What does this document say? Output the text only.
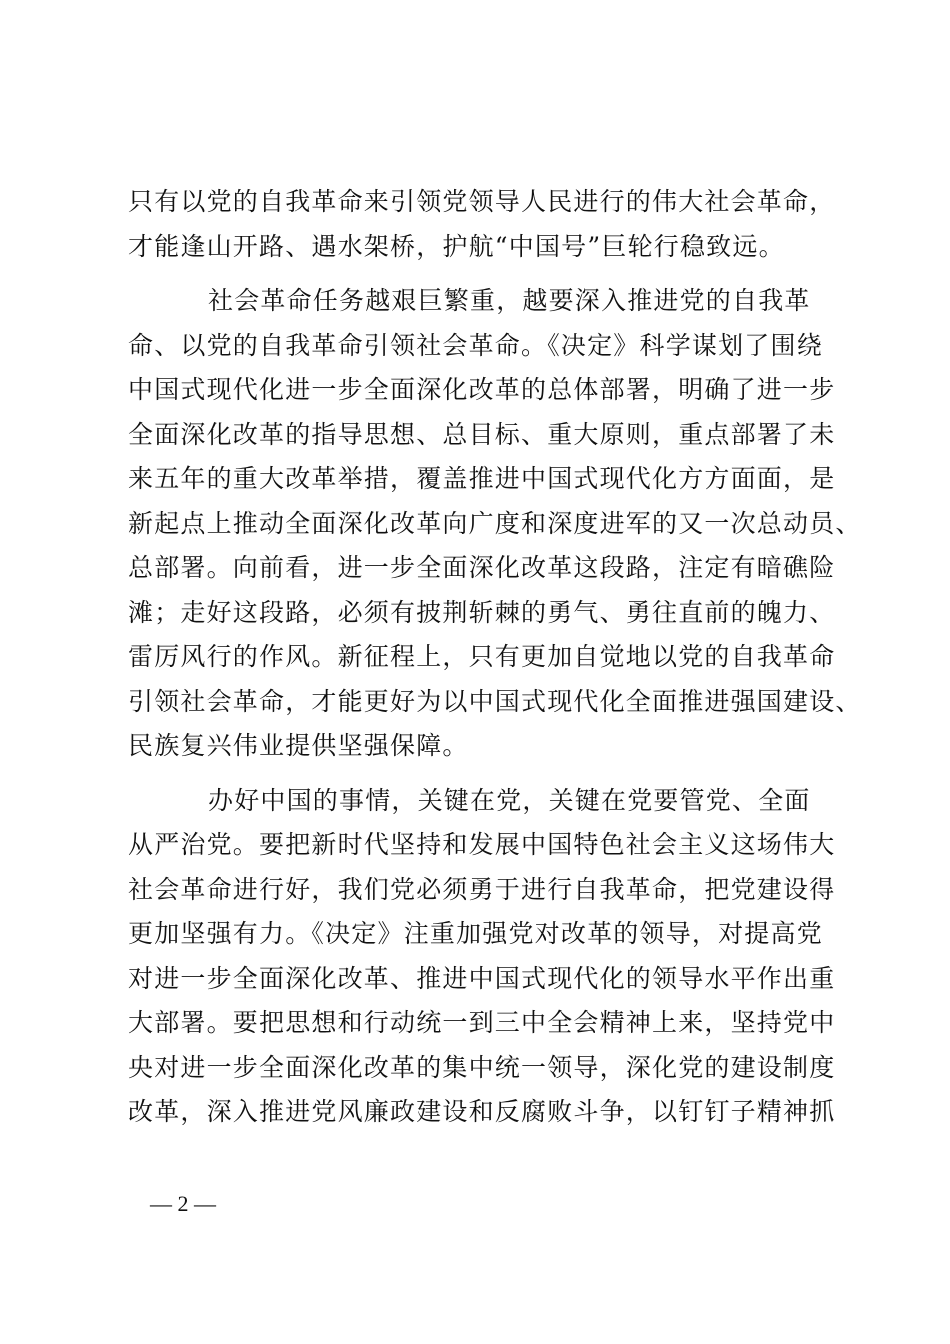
只有以党的自我革命来引领党领导人民进行的伟大社会革命，
才能逢山开路、遇水架桥，护航“中国号”巨轮行稳致远。
社会革命任务越艰巨繁重，越要深入推进党的自我革
命、以党的自我革命引领社会革命。《决定》科学谋划了围绕
中国式现代化进一步全面深化改革的总体部署，明确了进一步
全面深化改革的指导思想、总目标、重大原则，重点部署了未
来五年的重大改革举措，覆盖推进中国式现代化方方面面，是
新起点上推动全面深化改革向广度和深度进军的又一次总动员、
总部署。向前看，进一步全面深化改革这段路，注定有暗礁险
滩；走好这段路，必须有披荆斩棘的勇气、勇往直前的魄力、
雷厉风行的作风。新征程上，只有更加自觉地以党的自我革命
引领社会革命，才能更好为以中国式现代化全面推进强国建设、
民族复兴伟业提供坚强保障。
办好中国的事情，关键在党，关键在党要管党、全面
从严治党。要把新时代坚持和发展中国特色社会主义这场伟大
社会革命进行好，我们党必须勇于进行自我革命，把党建设得
更加坚强有力。《决定》注重加强党对改革的领导，对提高党
对进一步全面深化改革、推进中国式现代化的领导水平作出重
大部署。要把思想和行动统一到三中全会精神上来，坚持党中
央对进一步全面深化改革的集中统一领导，深化党的建设制度
改革，深入推进党风廉政建设和反腐败斗争，以钉钉子精神抓
— 2 —
